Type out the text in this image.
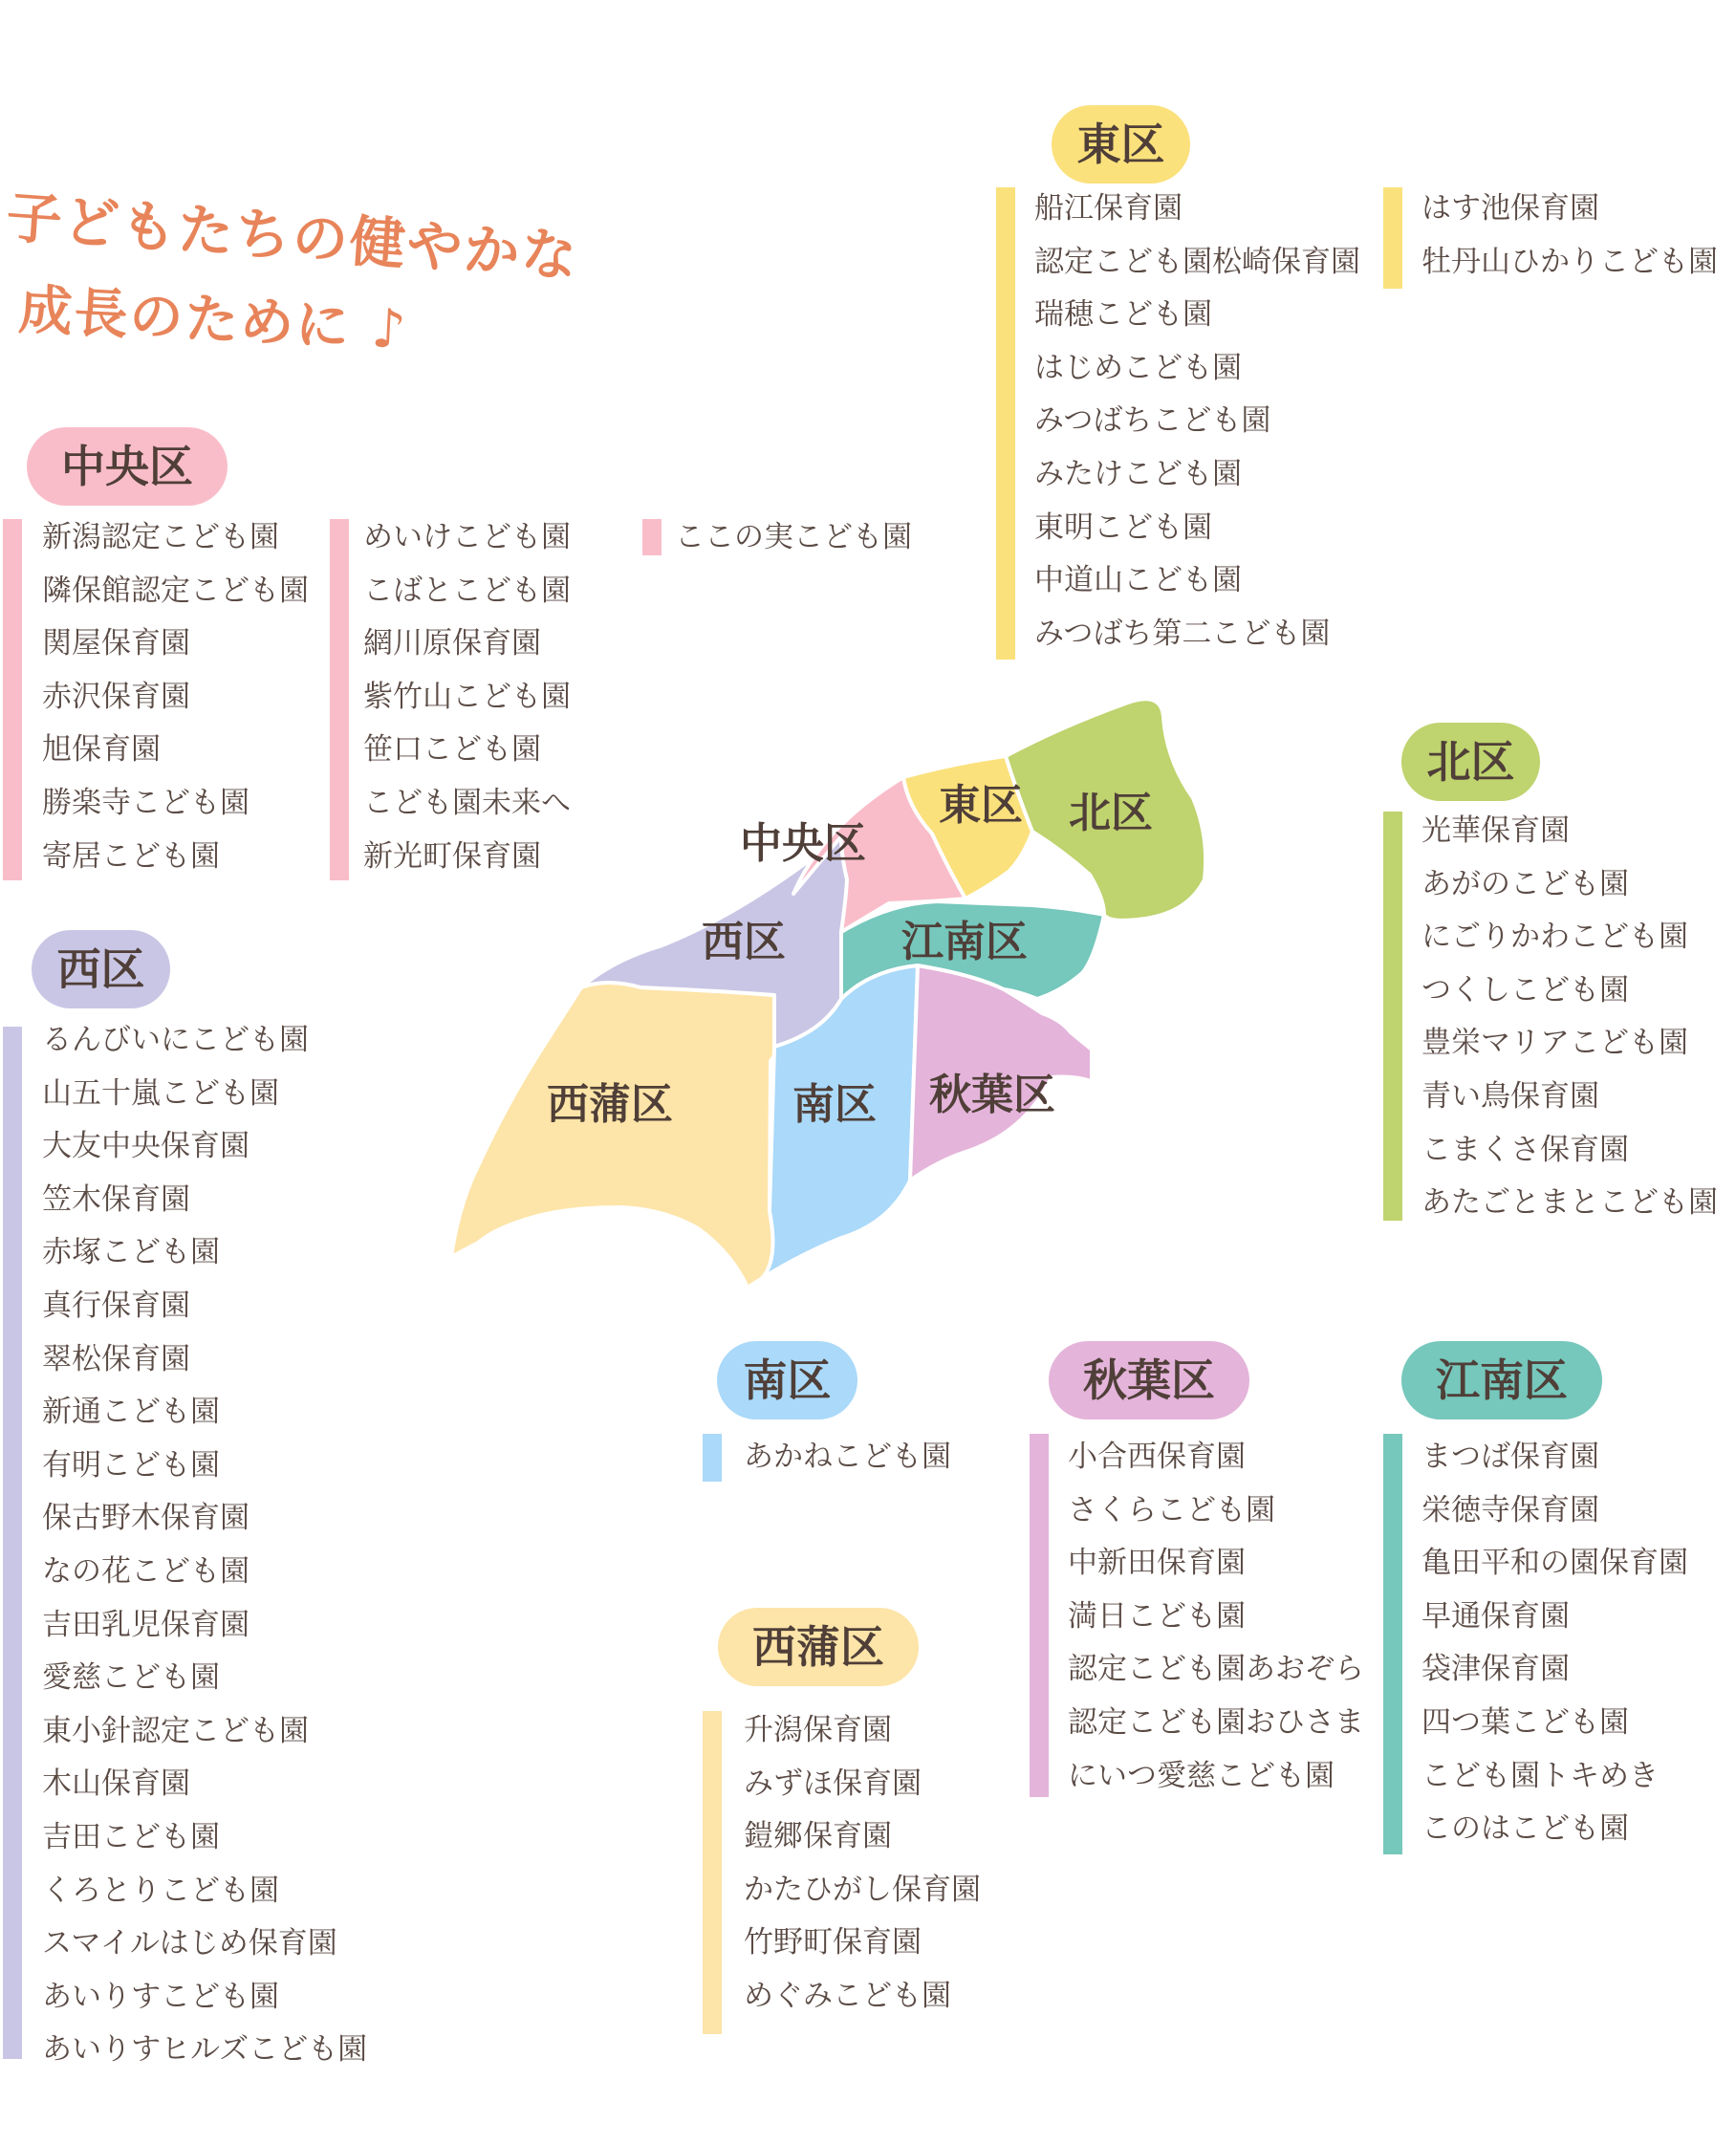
子どもたちの健やかな
成長のために ♪
中央区
西区
東区
北区
南区
西蒲区
秋葉区	江南区
新潟認定こども園
隣保館認定こども園
関屋保育園
赤沢保育園
旭保育園
勝楽寺こども園
寄居こども園
めいけこども園
こばとこども園
網川原保育園
紫竹山こども園
笹口こども園
こども園未来へ
新光町保育園
ここの実こども園
るんびいにこども園
山五十嵐こども園
大友中央保育園
笠木保育園
赤塚こども園
真行保育園
翠松保育園
新通こども園
有明こども園
保古野木保育園
なの花こども園
吉田乳児保育園
愛慈こども園
東小針認定こども園
木山保育園
吉田こども園
くろとりこども園
スマイルはじめ保育園
あいりすこども園
あいりすヒルズこども園
船江保育園
認定こども園松崎保育園
瑞穂こども園
はじめこども園
みつばちこども園
みたけこども園
東明こども園
中道山こども園
みつばち第二こども園
はす池保育園
牡丹山ひかりこども園
光華保育園
あがのこども園
にごりかわこども園
つくしこども園
豊栄マリアこども園
青い鳥保育園
こまくさ保育園
あたごとまとこども園
あかねこども園
升潟保育園
みずほ保育園
鎧郷保育園
かたひがし保育園
竹野町保育園
めぐみこども園
小合西保育園
さくらこども園
中新田保育園
満日こども園
認定こども園あおぞら
認定こども園おひさま
にいつ愛慈こども園
まつば保育園
栄徳寺保育園
亀田平和の園保育園
早通保育園
袋津保育園
四つ葉こども園
こども園トキめき
このはこども園
中央区
東区 北区
西区	江南区
西蒲区	南区 秋葉区
